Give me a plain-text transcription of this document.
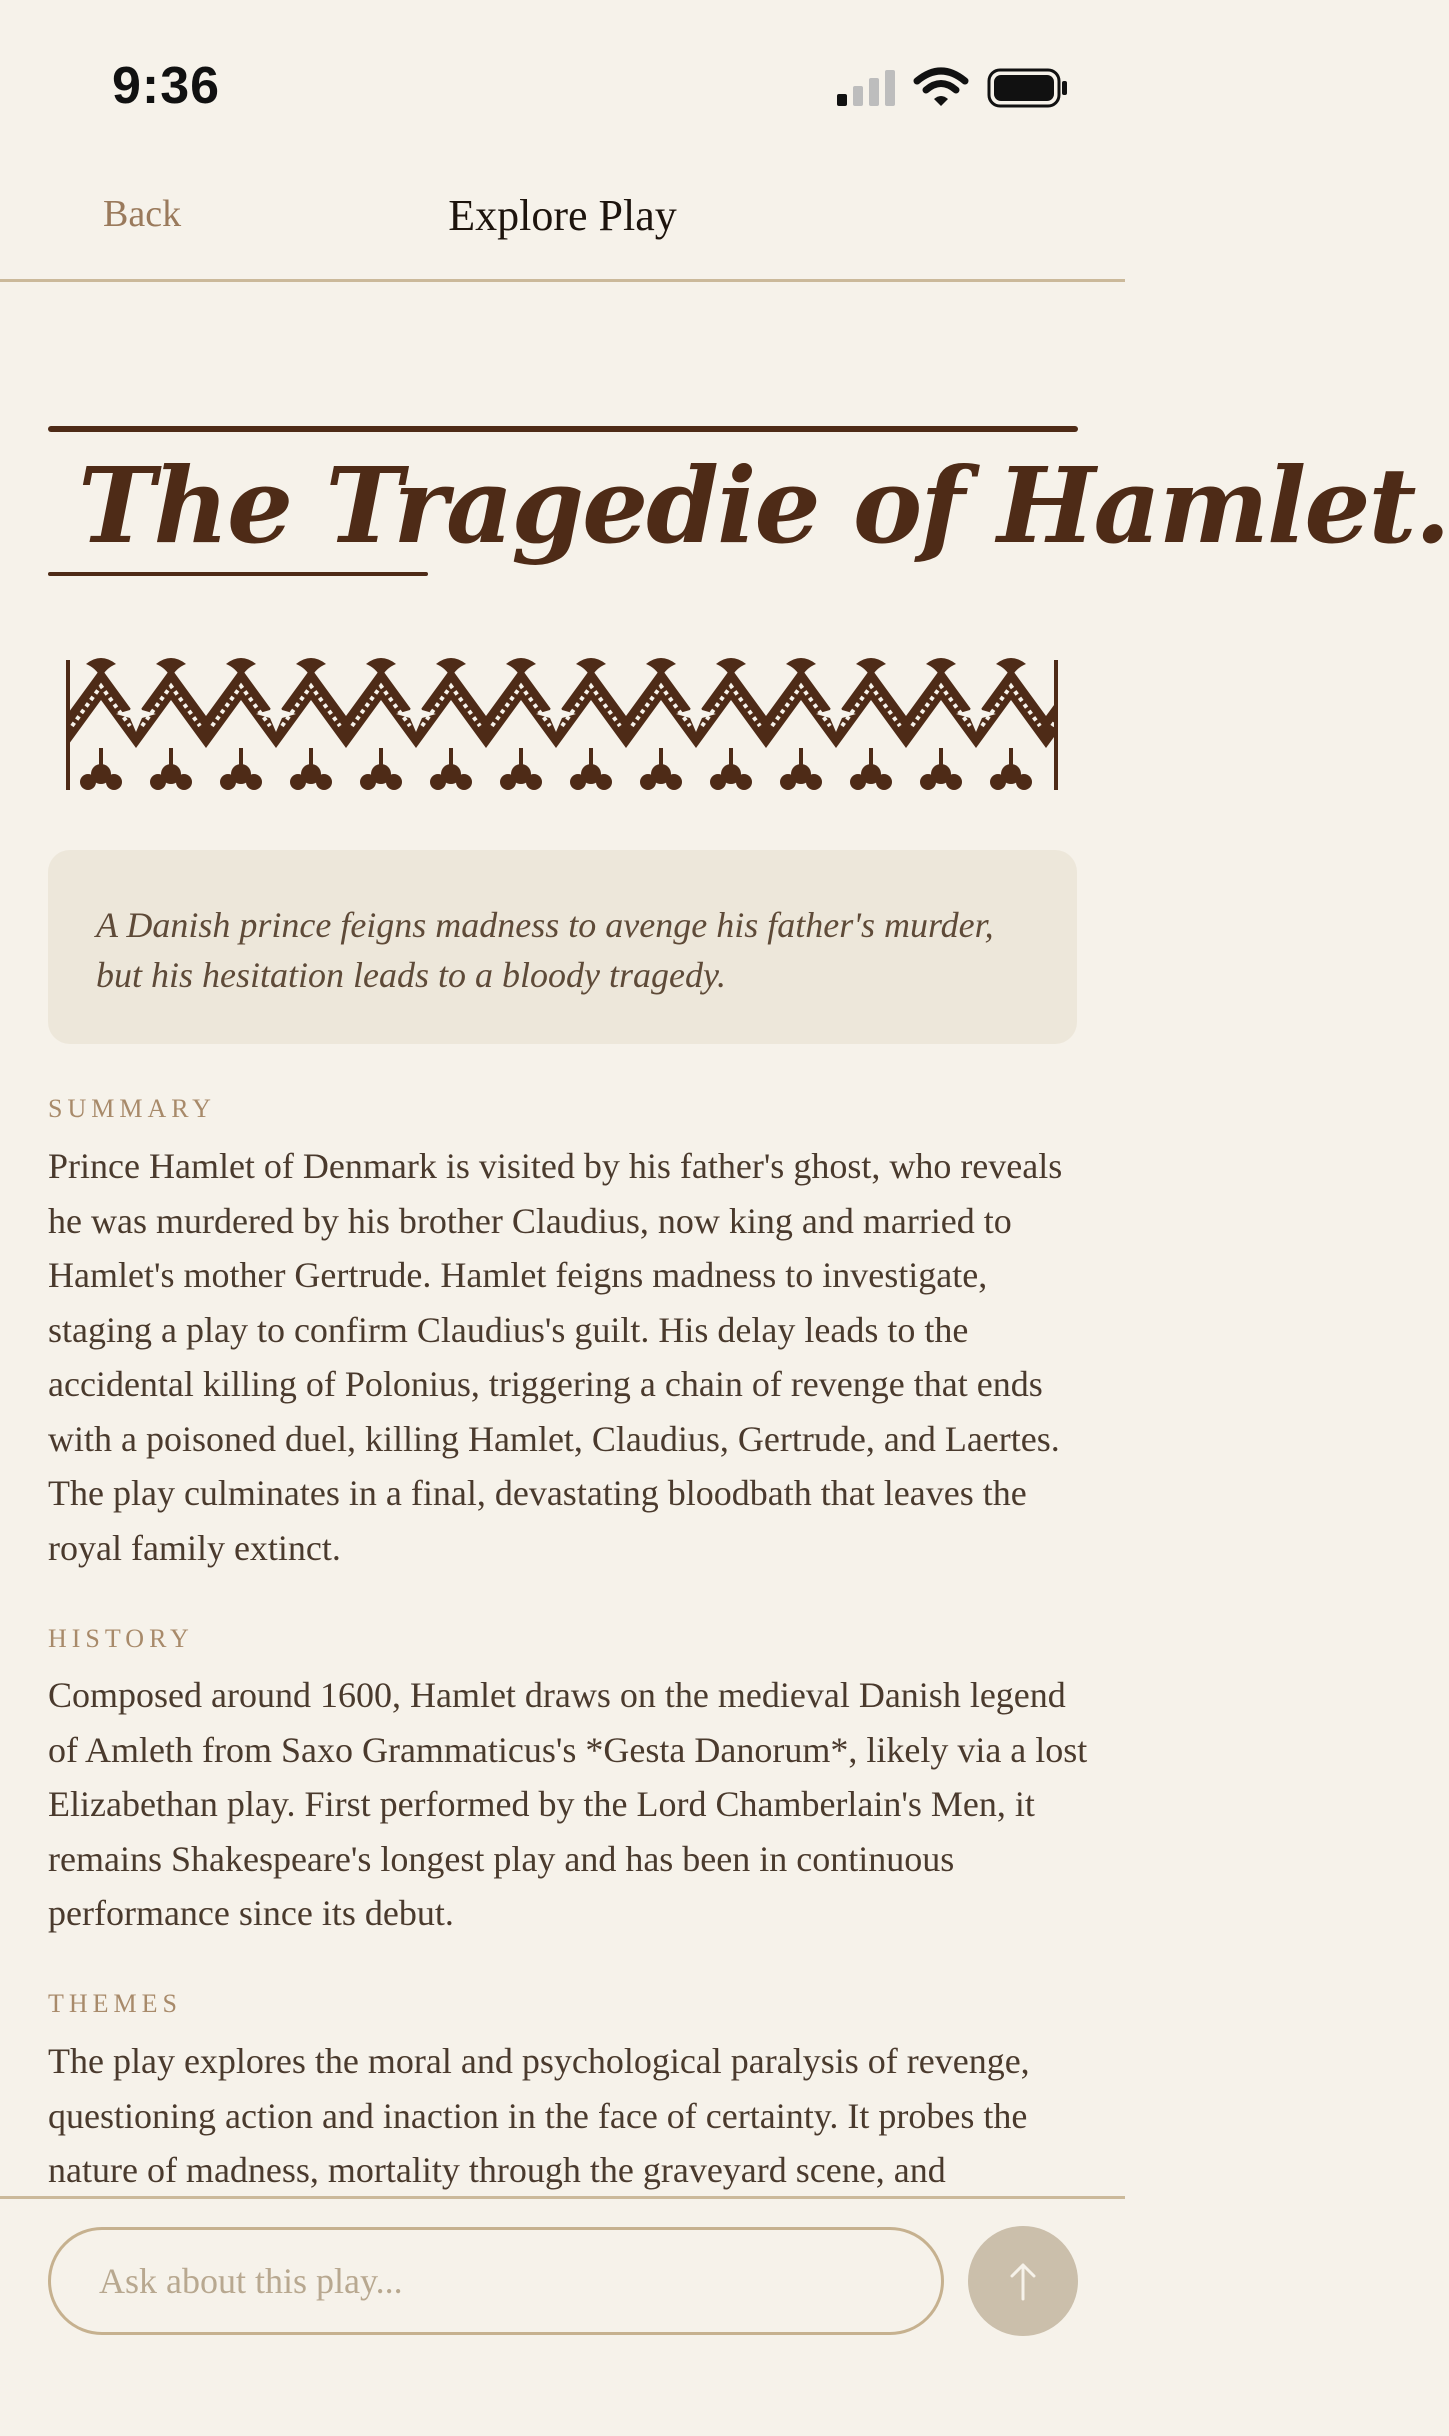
9:36
Back	Explore Play
The Tragedie of Hamlet.

A Danish prince feigns madness to avenge his father's murder, but his hesitation leads to a bloody tragedy.

SUMMARY

Prince Hamlet of Denmark is visited by his father's ghost, who reveals he was murdered by his brother Claudius, now king and married to Hamlet's mother Gertrude. Hamlet feigns madness to investigate, staging a play to confirm Claudius's guilt. His delay leads to the accidental killing of Polonius, triggering a chain of revenge that ends with a poisoned duel, killing Hamlet, Claudius, Gertrude, and Laertes. The play culminates in a final, devastating bloodbath that leaves the royal family extinct.

HISTORY

Composed around 1600, Hamlet draws on the medieval Danish legend of Amleth from Saxo Grammaticus's *Gesta Danorum*, likely via a lost Elizabethan play. First performed by the Lord Chamberlain's Men, it remains Shakespeare's longest play and has been in continuous performance since its debut.

THEMES

The play explores the moral and psychological paralysis of revenge, questioning action and inaction in the face of certainty. It probes the nature of madness, mortality through the graveyard scene, and

Ask about this play...
